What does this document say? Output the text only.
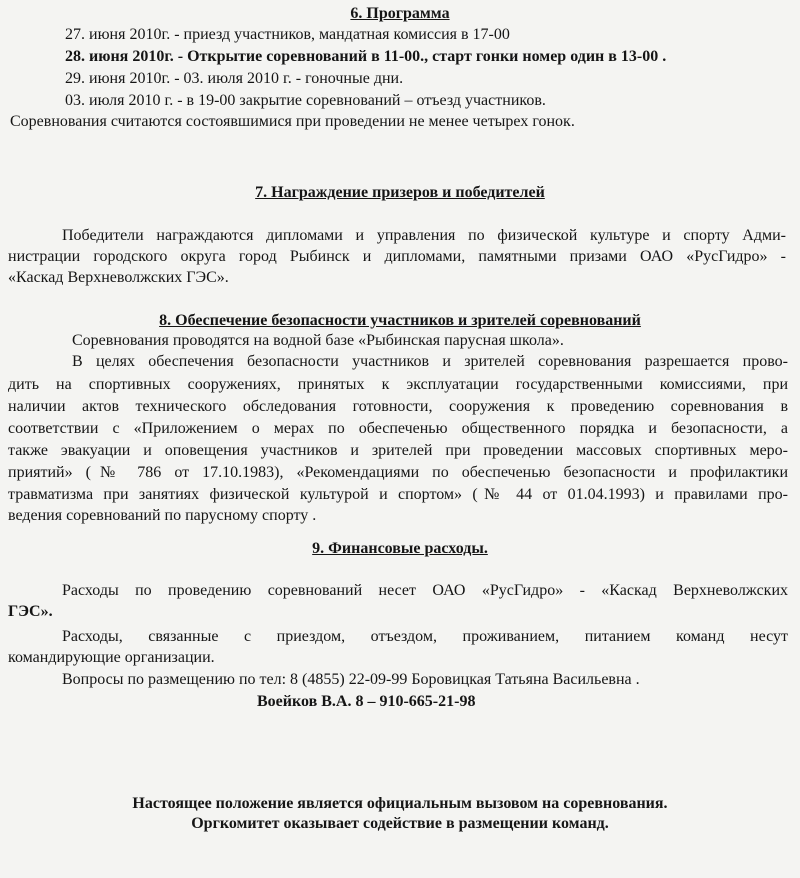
6. Программа

27. июня 2010г. - приезд участников, мандатная комиссия в 17-00

28. июня 2010г. - Открытие соревнований в 11-00., старт гонки номер один в 13-00 .

29. июня 2010г. - 03. июля 2010 г. - гоночные дни.

03. июля 2010 г. - в 19-00 закрытие соревнований – отъезд участников.

Соревнования считаются состоявшимися при проведении не менее четырех гонок.

7. Награждение призеров и победителей

Победители награждаются дипломами и управления по физической культуре и спорту Адми-

нистрации городского округа город Рыбинск и дипломами, памятными призами ОАО «РусГидро» -

«Каскад Верхневолжских ГЭС».

8. Обеспечение безопасности участников и зрителей соревнований

Соревнования проводятся на водной базе «Рыбинская парусная школа».

В целях обеспечения безопасности участников и зрителей соревнования разрешается прово-

дить на спортивных сооружениях, принятых к эксплуатации государственными комиссиями, при

наличии актов технического обследования готовности, сооружения к проведению соревнования в

соответствии с «Приложением о мерах по обеспеченью общественного порядка и безопасности, а

также эвакуации и оповещения участников и зрителей при проведении массовых спортивных меро-

приятий» (№ 786 от 17.10.1983), «Рекомендациями по обеспеченью безопасности и профилактики

травматизма при занятиях физической культурой и спортом» (№ 44 от 01.04.1993) и правилами про-

ведения соревнований по парусному спорту .

9. Финансовые расходы.

Расходы по проведению соревнований несет ОАО «РусГидро» - «Каскад Верхневолжских

ГЭС».

Расходы, связанные с приездом, отъездом, проживанием, питанием команд несут

командирующие организации.

Вопросы по размещению по тел: 8 (4855) 22-09-99 Боровицкая Татьяна Васильевна .

Воейков В.А. 8 – 910-665-21-98

Настоящее положение является официальным вызовом на соревнования.

Оргкомитет оказывает содействие в размещении команд.
